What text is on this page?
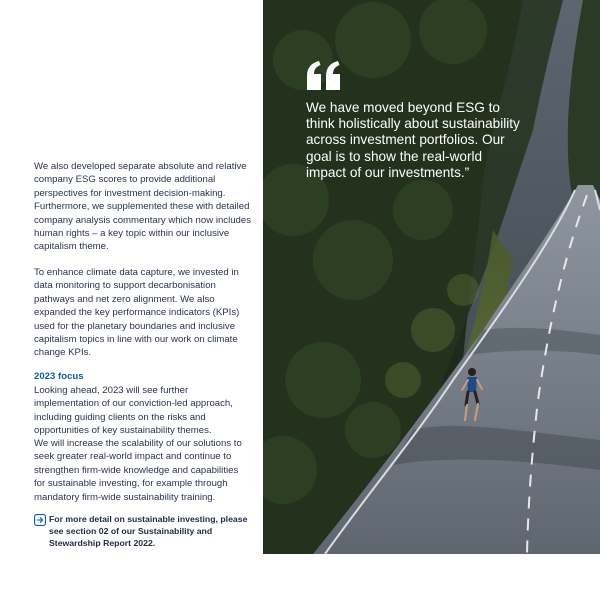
We also developed separate absolute and relative company ESG scores to provide additional perspectives for investment decision-making. Furthermore, we supplemented these with detailed company analysis commentary which now includes human rights – a key topic within our inclusive capitalism theme.

To enhance climate data capture, we invested in data monitoring to support decarbonisation pathways and net zero alignment. We also expanded the key performance indicators (KPIs) used for the planetary boundaries and inclusive capitalism topics in line with our work on climate change KPIs.

2023 focus

Looking ahead, 2023 will see further implementation of our conviction-led approach, including guiding clients on the risks and opportunities of key sustainability themes.

We will increase the scalability of our solutions to seek greater real-world impact and continue to strengthen firm-wide knowledge and capabilities for sustainable investing, for example through mandatory firm-wide sustainability training.

For more detail on sustainable investing, please see section 02 of our Sustainability and Stewardship Report 2022.

We have moved beyond ESG to think holistically about sustainability across investment portfolios. Our goal is to show the real-world impact of our investments.”
